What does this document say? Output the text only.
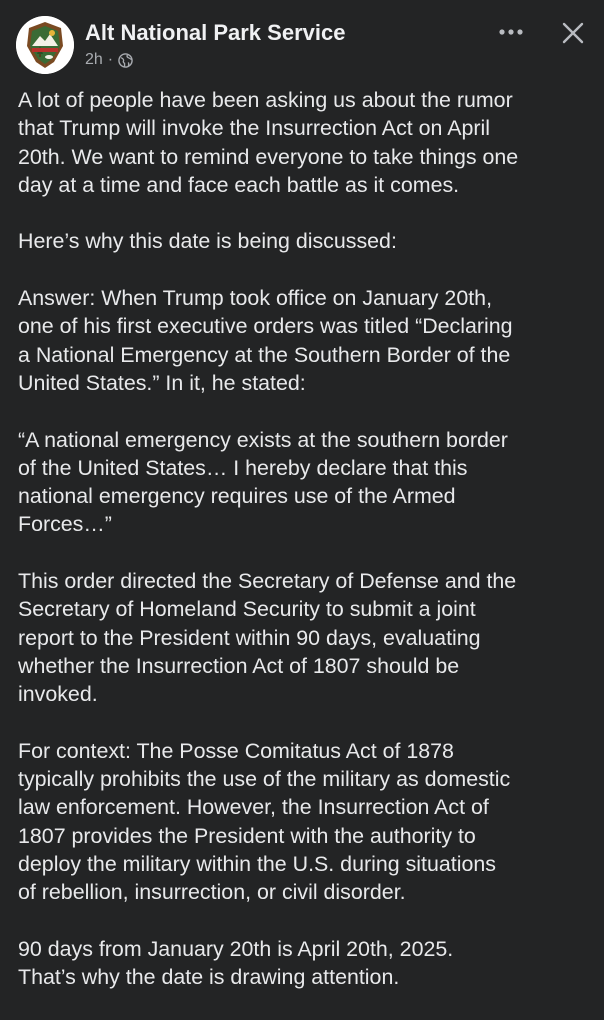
Alt National Park Service
2h ·

A lot of people have been asking us about the rumor
that Trump will invoke the Insurrection Act on April
20th. We want to remind everyone to take things one
day at a time and face each battle as it comes.

Here’s why this date is being discussed:

Answer: When Trump took office on January 20th,
one of his first executive orders was titled “Declaring
a National Emergency at the Southern Border of the
United States.” In it, he stated:

“A national emergency exists at the southern border
of the United States… I hereby declare that this
national emergency requires use of the Armed
Forces…”

This order directed the Secretary of Defense and the
Secretary of Homeland Security to submit a joint
report to the President within 90 days, evaluating
whether the Insurrection Act of 1807 should be
invoked.

For context: The Posse Comitatus Act of 1878
typically prohibits the use of the military as domestic
law enforcement. However, the Insurrection Act of
1807 provides the President with the authority to
deploy the military within the U.S. during situations
of rebellion, insurrection, or civil disorder.

90 days from January 20th is April 20th, 2025.
That’s why the date is drawing attention.
